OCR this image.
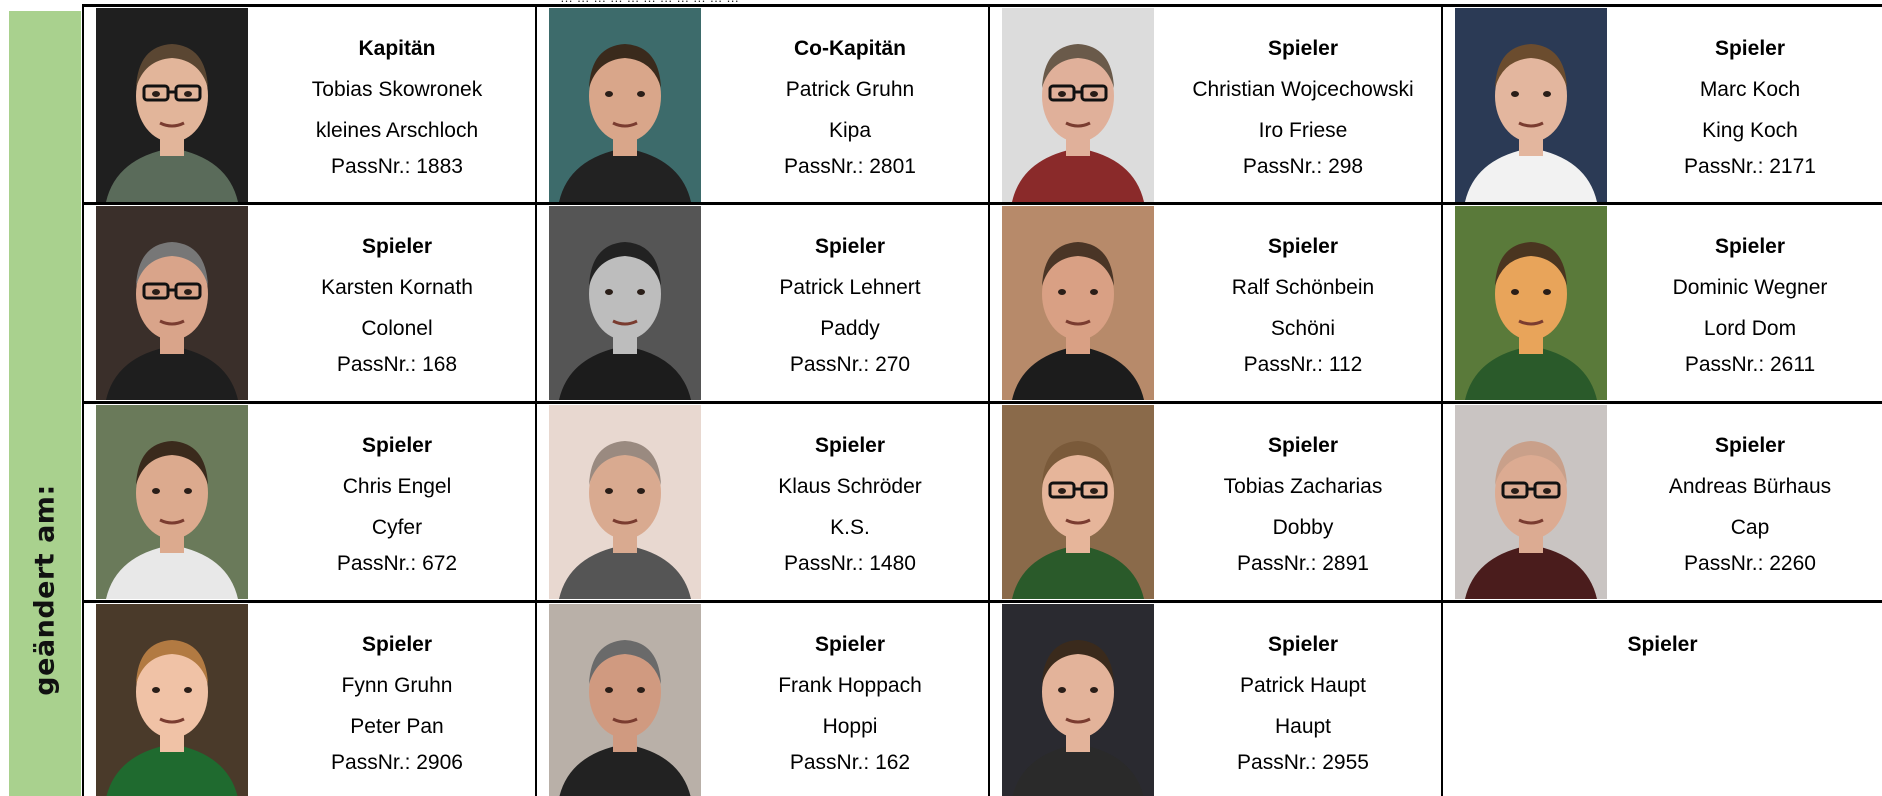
geändert am:
Kapitän
Tobias Skowronek
kleines Arschloch
PassNr.: 1883
Co-Kapitän
Patrick Gruhn
Kipa
PassNr.: 2801
Spieler
Christian Wojcechowski
Iro Friese
PassNr.: 298
Spieler
Marc Koch
King Koch
PassNr.: 2171
Spieler
Karsten Kornath
Colonel
PassNr.: 168
Spieler
Patrick Lehnert
Paddy
PassNr.: 270
Spieler
Ralf Schönbein
Schöni
PassNr.: 112
Spieler
Dominic Wegner
Lord Dom
PassNr.: 2611
Spieler
Chris Engel
Cyfer
PassNr.: 672
Spieler
Klaus Schröder
K.S.
PassNr.: 1480
Spieler
Tobias Zacharias
Dobby
PassNr.: 2891
Spieler
Andreas Bürhaus
Cap
PassNr.: 2260
Spieler
Fynn Gruhn
Peter Pan
PassNr.: 2906
Spieler
Frank Hoppach
Hoppi
PassNr.: 162
Spieler
Patrick Haupt
Haupt
PassNr.: 2955
Spieler
